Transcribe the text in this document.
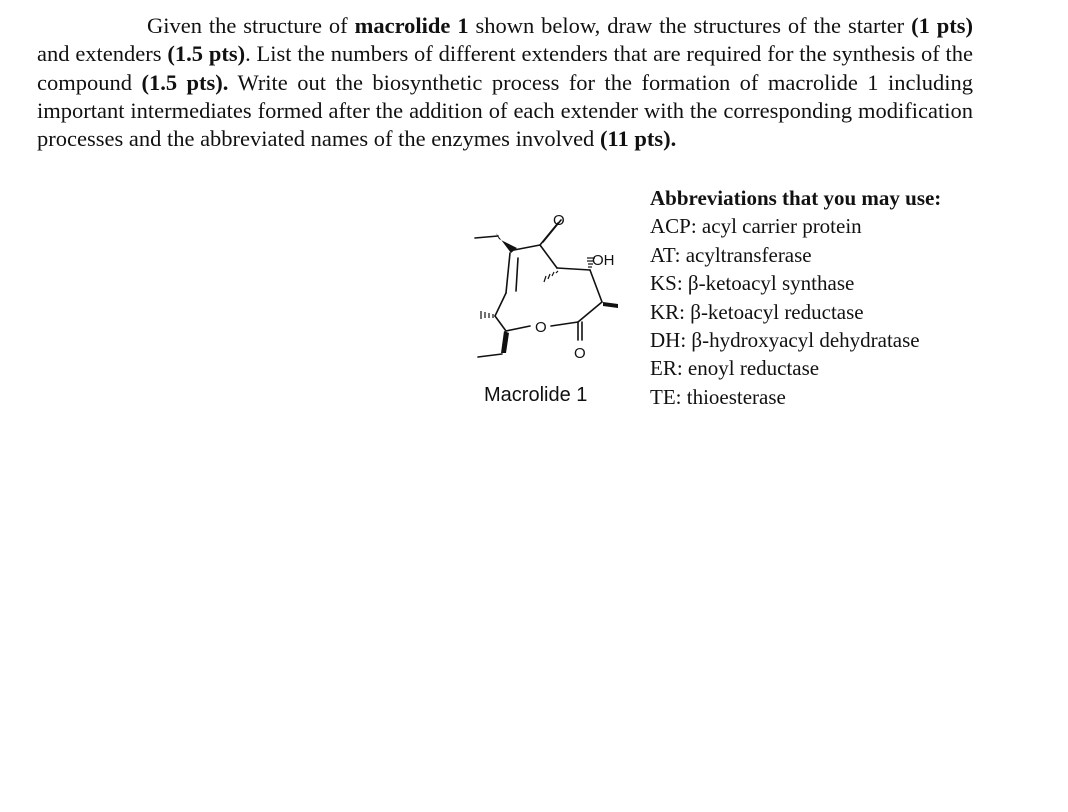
Given the structure of macrolide 1 shown below, draw the structures of the starter (1 pts) and extenders (1.5 pts). List the numbers of different extenders that are required for the synthesis of the compound (1.5 pts). Write out the biosynthetic process for the formation of macrolide 1 including important intermediates formed after the addition of each extender with the corresponding modification processes and the abbreviated names of the enzymes involved (11 pts).

O
OH
O
O

Macrolide 1

Abbreviations that you may use:
ACP: acyl carrier protein
AT: acyltransferase
KS: β-ketoacyl synthase
KR: β-ketoacyl reductase
DH: β-hydroxyacyl dehydratase
ER: enoyl reductase
TE: thioesterase
